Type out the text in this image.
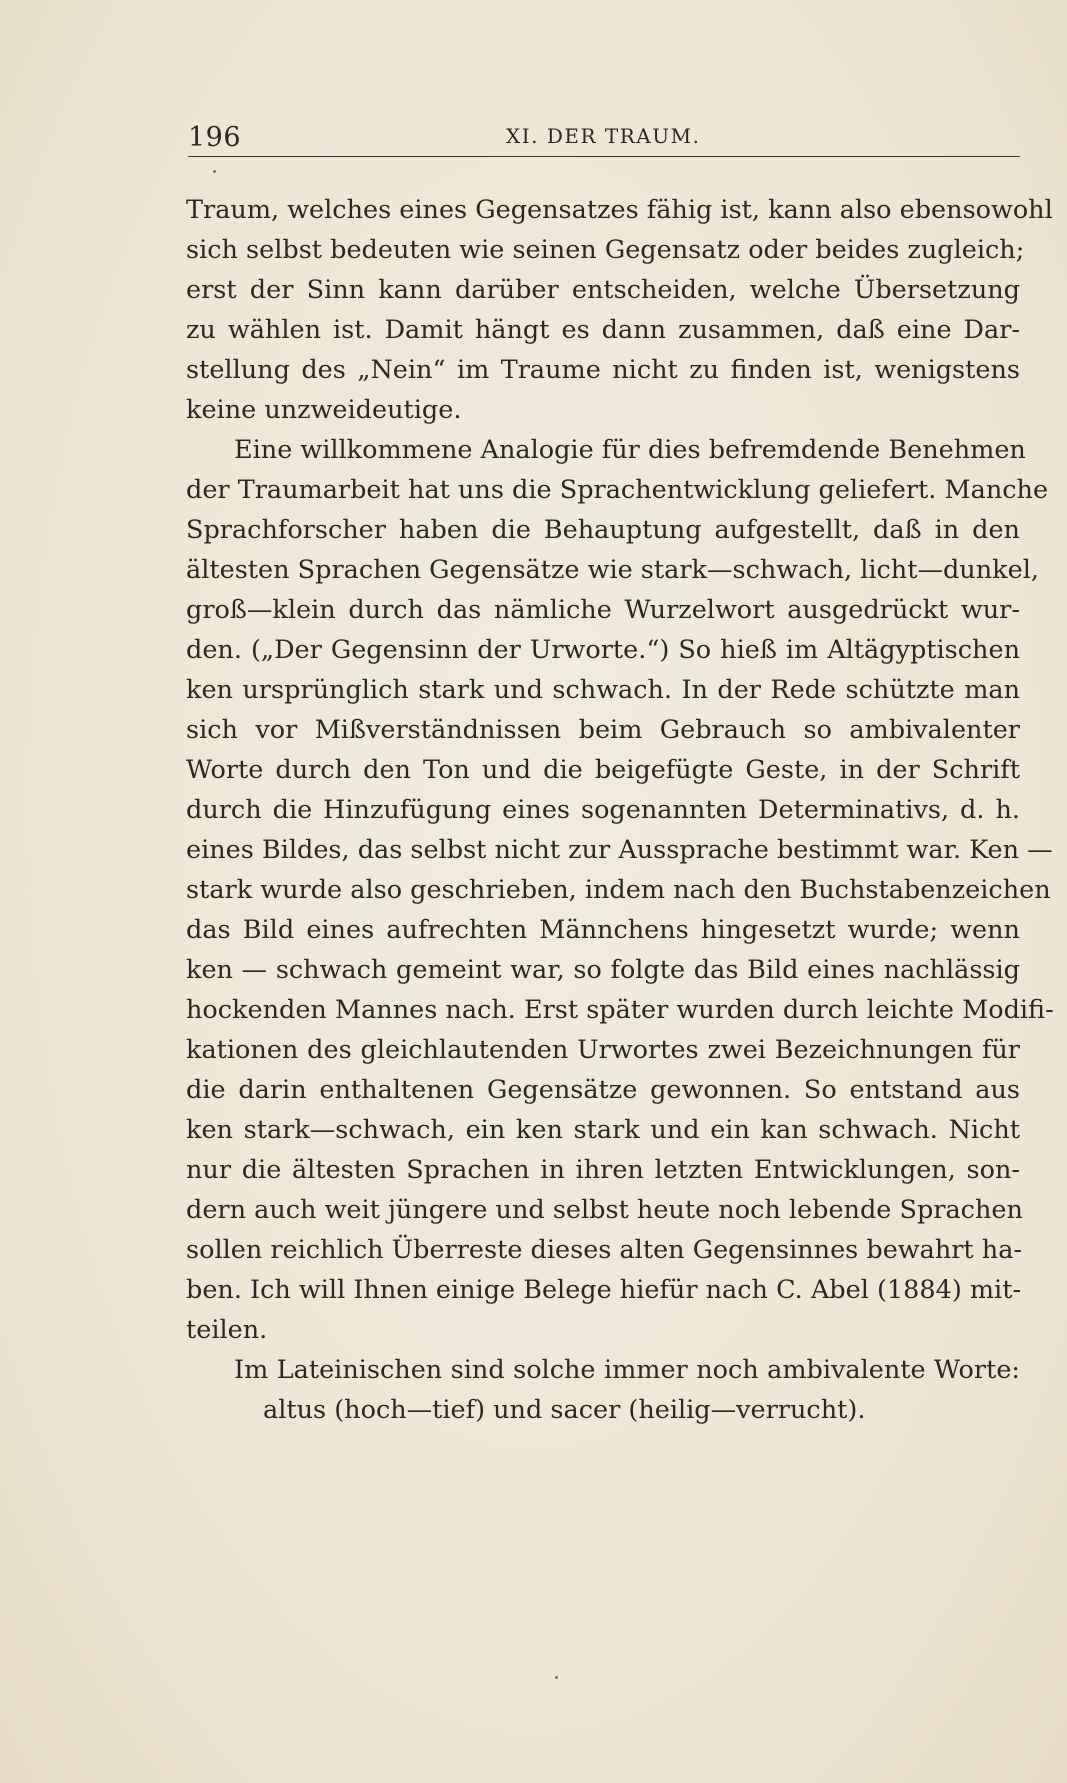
196	XI. DER TRAUM.
Traum, welches eines Gegensatzes fähig ist, kann also ebensowohl
sich selbst bedeuten wie seinen Gegensatz oder beides zugleich;
erst der Sinn kann darüber entscheiden, welche Übersetzung
zu wählen ist. Damit hängt es dann zusammen, daß eine Dar-
stellung des „Nein“ im Traume nicht zu finden ist, wenigstens
keine unzweideutige.
Eine willkommene Analogie für dies befremdende Benehmen
der Traumarbeit hat uns die Sprachentwicklung geliefert. Manche
Sprachforscher haben die Behauptung aufgestellt, daß in den
ältesten Sprachen Gegensätze wie stark—schwach, licht—dunkel,
groß—klein durch das nämliche Wurzelwort ausgedrückt wur-
den. („Der Gegensinn der Urworte.“) So hieß im Altägyptischen
ken ursprünglich stark und schwach. In der Rede schützte man
sich vor Mißverständnissen beim Gebrauch so ambivalenter
Worte durch den Ton und die beigefügte Geste, in der Schrift
durch die Hinzufügung eines sogenannten Determinativs, d. h.
eines Bildes, das selbst nicht zur Aussprache bestimmt war. Ken —
stark wurde also geschrieben, indem nach den Buchstabenzeichen
das Bild eines aufrechten Männchens hingesetzt wurde; wenn
ken — schwach gemeint war, so folgte das Bild eines nachlässig
hockenden Mannes nach. Erst später wurden durch leichte Modifi-
kationen des gleichlautenden Urwortes zwei Bezeichnungen für
die darin enthaltenen Gegensätze gewonnen. So entstand aus
ken stark—schwach, ein ken stark und ein kan schwach. Nicht
nur die ältesten Sprachen in ihren letzten Entwicklungen, son-
dern auch weit jüngere und selbst heute noch lebende Sprachen
sollen reichlich Überreste dieses alten Gegensinnes bewahrt ha-
ben. Ich will Ihnen einige Belege hiefür nach C. Abel (1884) mit-
teilen.
Im Lateinischen sind solche immer noch ambivalente Worte:
altus (hoch—tief) und sacer (heilig—verrucht).
